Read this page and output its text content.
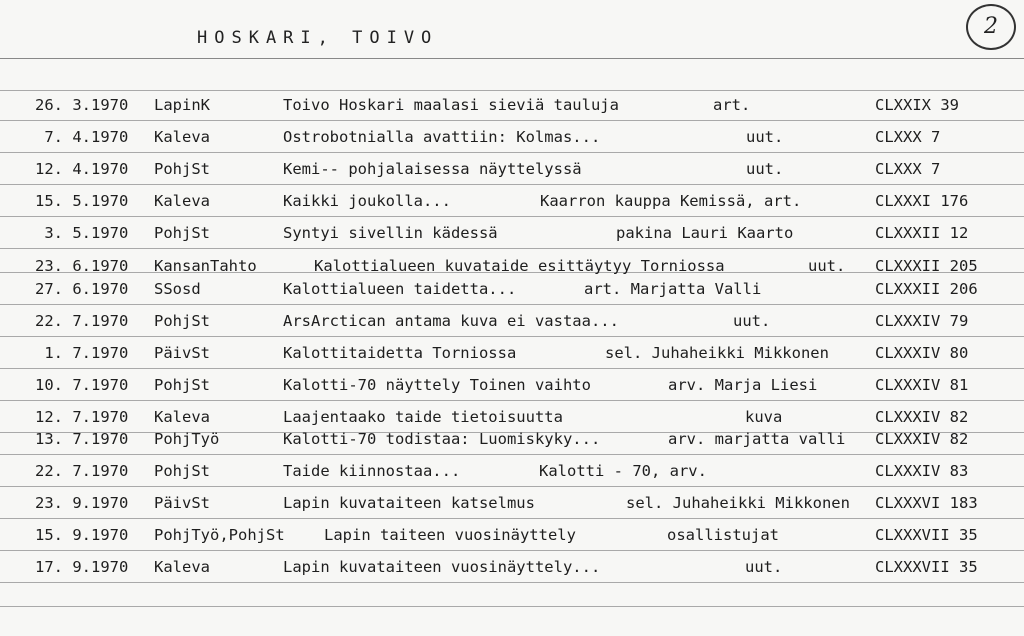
HOSKARI, TOIVO	2
26. 3.1970 LapinK	Toivo Hoskari maalasi sieviä tauluja	art.	CLXXIX 39
7. 4.1970 Kaleva	Ostrobotnialla avattiin: Kolmas...	uut.	CLXXX 7
12. 4.1970 PohjSt	Kemi-- pohjalaisessa näyttelyssä	uut.	CLXXX 7
15. 5.1970 Kaleva	Kaikki joukolla...	Kaarron kauppa Kemissä, art.	CLXXXI 176
3. 5.1970 PohjSt	Syntyi sivellin kädessä	pakina Lauri Kaarto	CLXXXII 12
23. 6.1970 KansanTahto	Kalottialueen kuvataide esittäytyy Torniossa	uut. CLXXXII 205
27. 6.1970 SSosd	Kalottialueen taidetta...	art. Marjatta Valli	CLXXXII 206
22. 7.1970 PohjSt	ArsArctican antama kuva ei vastaa...	uut.	CLXXXIV 79
1. 7.1970 PäivSt	Kalottitaidetta Torniossa	sel. Juhaheikki Mikkonen	CLXXXIV 80
10. 7.1970 PohjSt	Kalotti-70 näyttely Toinen vaihto	arv. Marja Liesi	CLXXXIV 81
12. 7.1970 Kaleva	Laajentaako taide tietoisuutta	kuva	CLXXXIV 82
13. 7.1970 PohjTyö	Kalotti-70 todistaa: Luomiskyky...	arv. marjatta valli CLXXXIV 82
22. 7.1970 PohjSt	Taide kiinnostaa...	Kalotti - 70, arv.	CLXXXIV 83
23. 9.1970 PäivSt	Lapin kuvataiteen katselmus	sel. Juhaheikki Mikkonen CLXXXVI 183
15. 9.1970 PohjTyö,PohjSt	Lapin taiteen vuosinäyttely	osallistujat	CLXXXVII 35
17. 9.1970 Kaleva	Lapin kuvataiteen vuosinäyttely...	uut.	CLXXXVII 35
